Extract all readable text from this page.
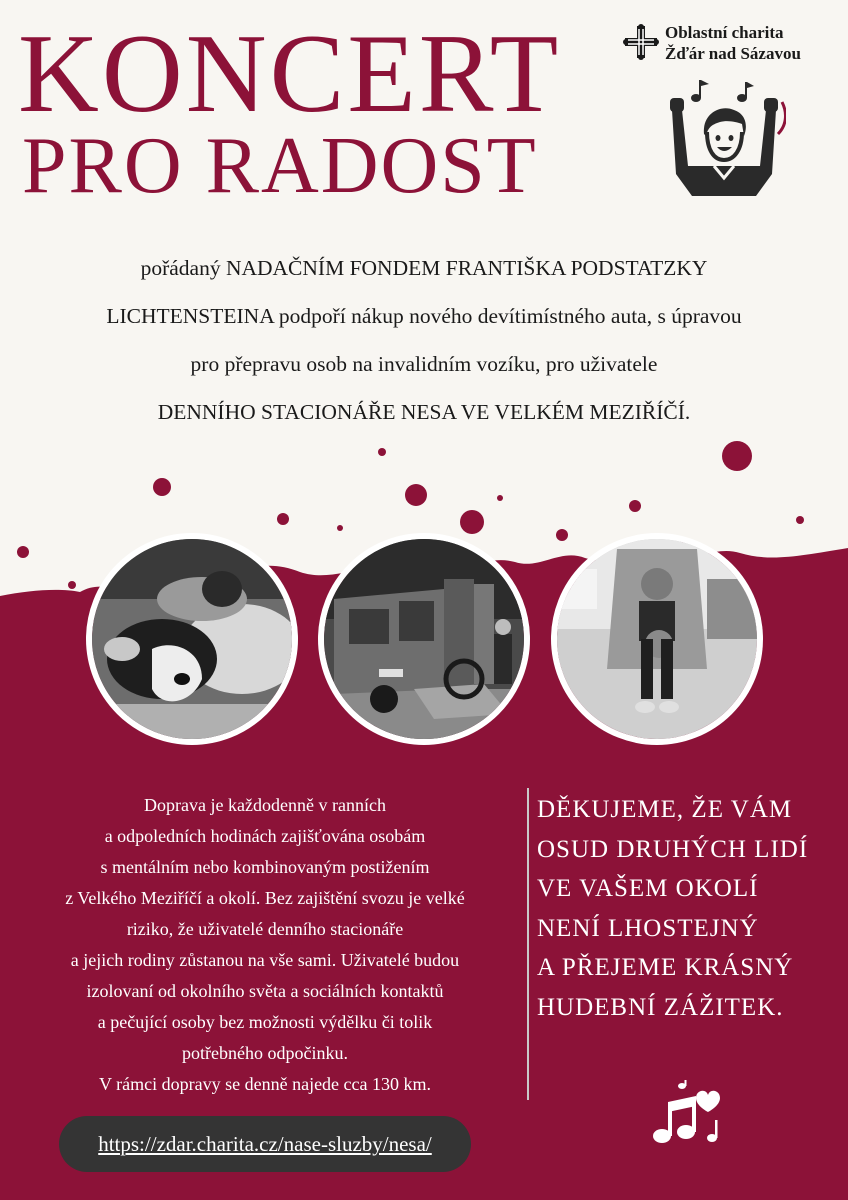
KONCERT
PRO RADOST
Oblastní charita
Žďár nad Sázavou
pořádaný NADAČNÍM FONDEM FRANTIŠKA PODSTATZKY
LICHTENSTEINA podpoří nákup nového devítimístného auta, s úpravou
pro přepravu osob na invalidním vozíku, pro uživatele
DENNÍHO STACIONÁŘE NESA VE VELKÉM MEZIŘÍČÍ.
Doprava je každodenně v ranních
a odpoledních hodinách zajišťována osobám
s mentálním nebo kombinovaným postižením
z Velkého Meziříčí a okolí. Bez zajištění svozu je velké
riziko, že uživatelé denního stacionáře
a jejich rodiny zůstanou na vše sami. Uživatelé budou
izolovaní od okolního světa a sociálních kontaktů
a pečující osoby bez možnosti výdělku či tolik
potřebného odpočinku.
V rámci dopravy se denně najede cca 130 km.
DĚKUJEME, ŽE VÁM
OSUD DRUHÝCH LIDÍ
VE VAŠEM OKOLÍ
NENÍ LHOSTEJNÝ
A PŘEJEME KRÁSNÝ
HUDEBNÍ ZÁŽITEK.
https://zdar.charita.cz/nase-sluzby/nesa/
